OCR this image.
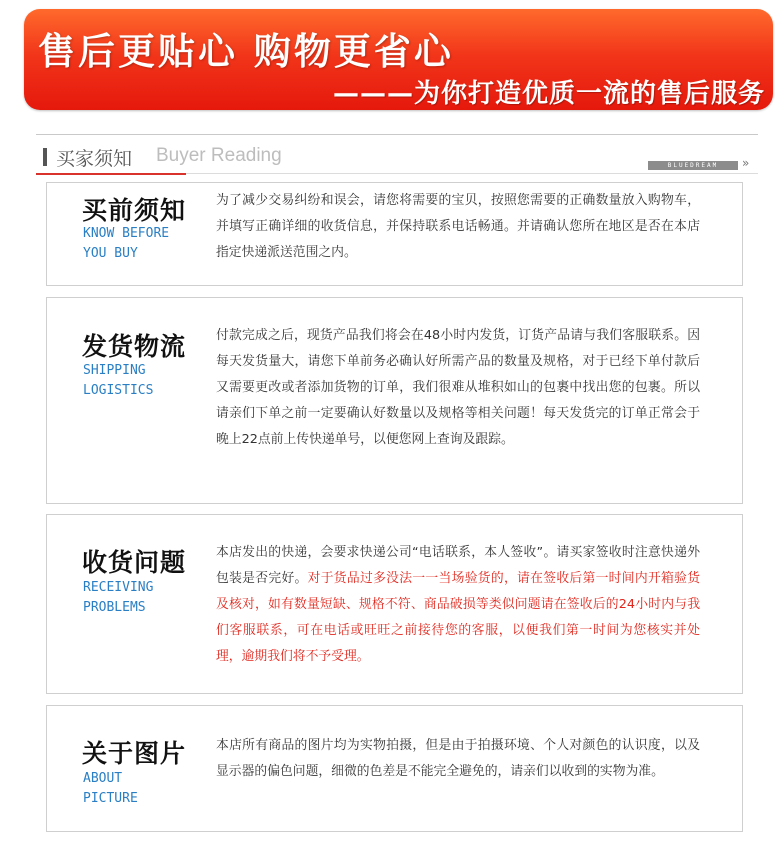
售后更贴心 购物更省心
———为你打造优质一流的售后服务
买家须知 Buyer Reading	BLUEDREAM	»
买前须知
KNOW BEFORE
YOU BUY
为了减少交易纠纷和误会，请您将需要的宝贝，按照您需要的正确数量放入购物车，并填写正确详细的收货信息，并保持联系电话畅通。并请确认您所在地区是否在本店指定快递派送范围之内。
发货物流
SHIPPING
LOGISTICS
付款完成之后，现货产品我们将会在48小时内发货，订货产品请与我们客服联系。因每天发货量大，请您下单前务必确认好所需产品的数量及规格，对于已经下单付款后又需要更改或者添加货物的订单，我们很难从堆积如山的包裹中找出您的包裹。所以请亲们下单之前一定要确认好数量以及规格等相关问题！每天发货完的订单正常会于晚上22点前上传快递单号，以便您网上查询及跟踪。
收货问题
RECEIVING
PROBLEMS
本店发出的快递，会要求快递公司“电话联系，本人签收”。请买家签收时注意快递外包装是否完好。对于货品过多没法一一当场验货的，请在签收后第一时间内开箱验货及核对，如有数量短缺、规格不符、商品破损等类似问题请在签收后的24小时内与我们客服联系，可在电话或旺旺之前接待您的客服，以便我们第一时间为您核实并处理，逾期我们将不予受理。
关于图片
ABOUT
PICTURE
本店所有商品的图片均为实物拍摄，但是由于拍摄环境、个人对颜色的认识度，以及显示器的偏色问题，细微的色差是不能完全避免的，请亲们以收到的实物为准。
